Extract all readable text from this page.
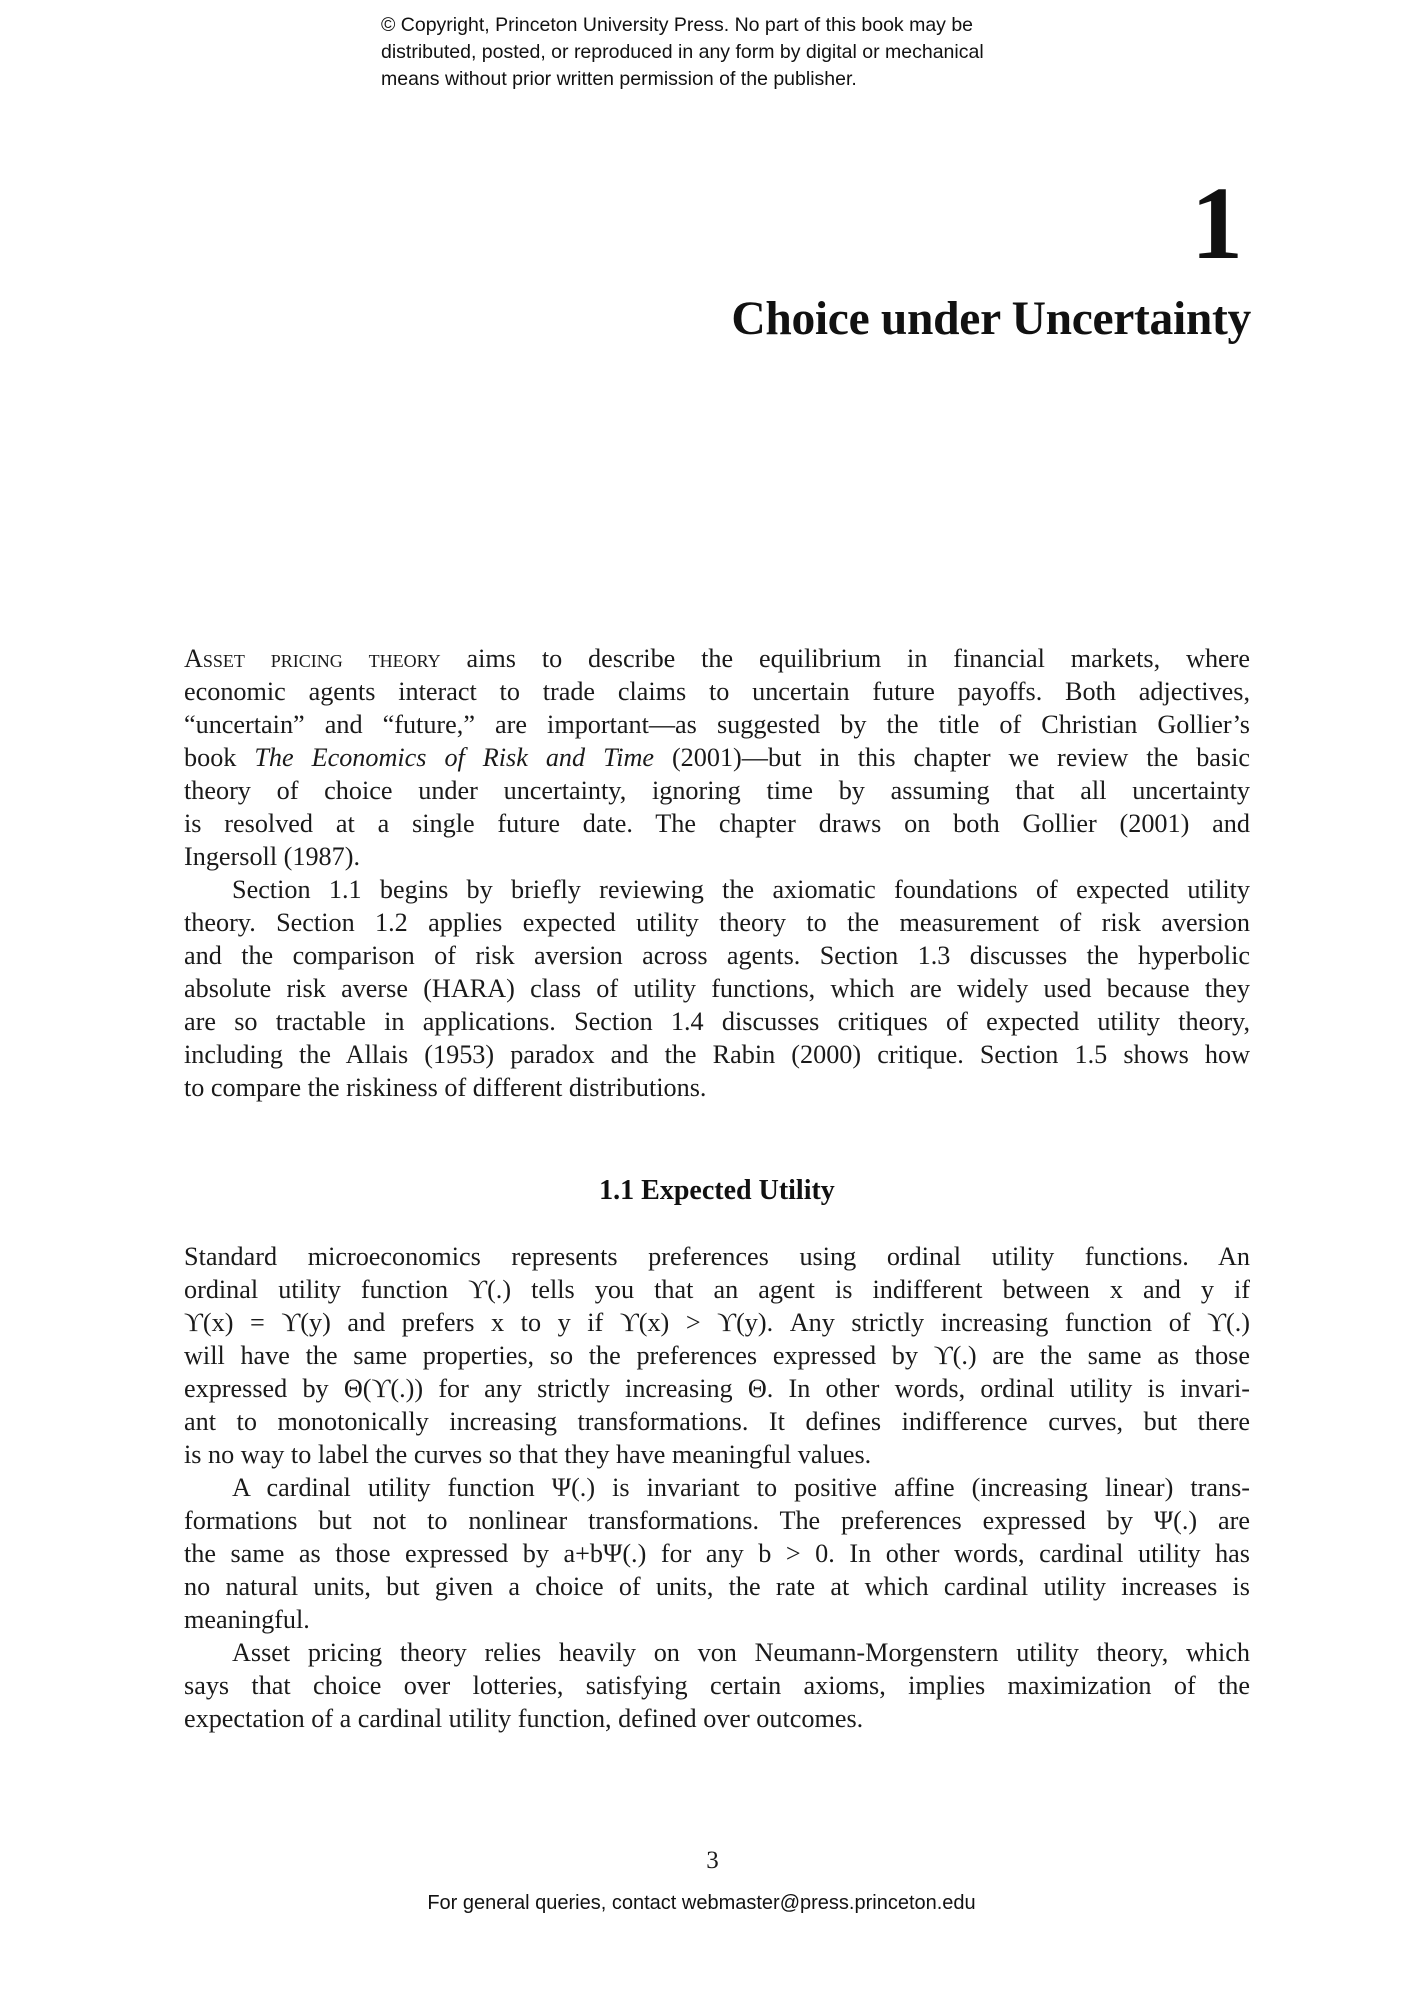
© Copyright, Princeton University Press. No part of this book may be
distributed, posted, or reproduced in any form by digital or mechanical
means without prior written permission of the publisher.
1
Choice under Uncertainty
Asset pricing theory aims to describe the equilibrium in financial markets, where
economic agents interact to trade claims to uncertain future payoffs. Both adjectives,
“uncertain” and “future,” are important—as suggested by the title of Christian Gollier’s
book The Economics of Risk and Time (2001)—but in this chapter we review the basic
theory of choice under uncertainty, ignoring time by assuming that all uncertainty
is resolved at a single future date. The chapter draws on both Gollier (2001) and
Ingersoll (1987).
Section 1.1 begins by briefly reviewing the axiomatic foundations of expected utility
theory. Section 1.2 applies expected utility theory to the measurement of risk aversion
and the comparison of risk aversion across agents. Section 1.3 discusses the hyperbolic
absolute risk averse (HARA) class of utility functions, which are widely used because they
are so tractable in applications. Section 1.4 discusses critiques of expected utility theory,
including the Allais (1953) paradox and the Rabin (2000) critique. Section 1.5 shows how
to compare the riskiness of different distributions.
1.1 Expected Utility
Standard microeconomics represents preferences using ordinal utility functions. An
ordinal utility function ϒ(.) tells you that an agent is indifferent between x and y if
ϒ(x) = ϒ(y) and prefers x to y if ϒ(x) > ϒ(y). Any strictly increasing function of ϒ(.)
will have the same properties, so the preferences expressed by ϒ(.) are the same as those
expressed by Θ(ϒ(.)) for any strictly increasing Θ. In other words, ordinal utility is invari-
ant to monotonically increasing transformations. It defines indifference curves, but there
is no way to label the curves so that they have meaningful values.
A cardinal utility function Ψ(.) is invariant to positive affine (increasing linear) trans-
formations but not to nonlinear transformations. The preferences expressed by Ψ(.) are
the same as those expressed by a+bΨ(.) for any b > 0. In other words, cardinal utility has
no natural units, but given a choice of units, the rate at which cardinal utility increases is
meaningful.
Asset pricing theory relies heavily on von Neumann-Morgenstern utility theory, which
says that choice over lotteries, satisfying certain axioms, implies maximization of the
expectation of a cardinal utility function, defined over outcomes.
3
For general queries, contact webmaster@press.princeton.edu
